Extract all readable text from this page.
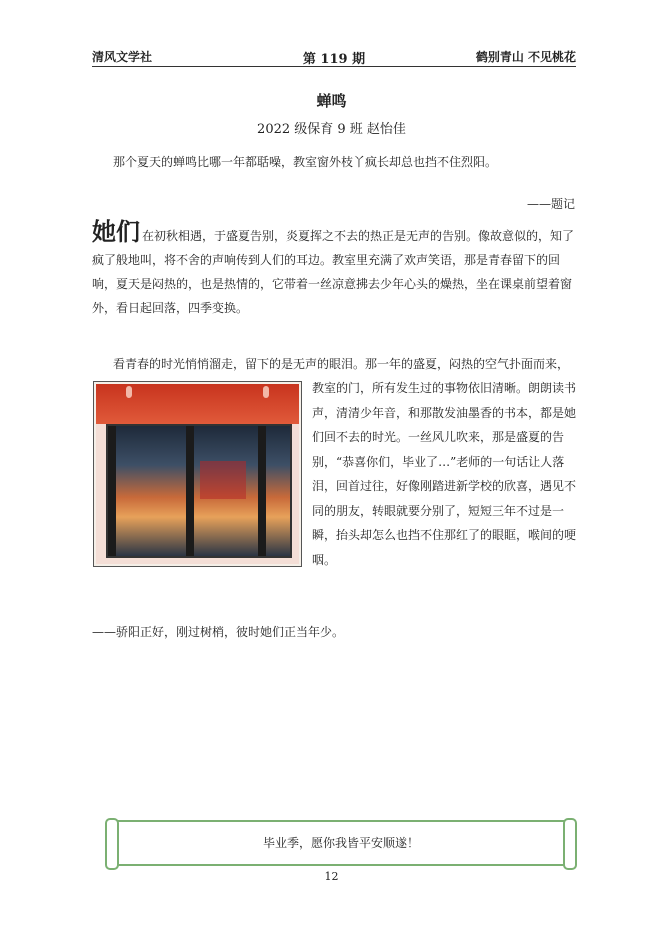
清风文学社	第 119 期	鹤别青山 不见桃花
蝉鸣
2022 级保育 9 班 赵怡佳
那个夏天的蝉鸣比哪一年都聒噪，教室窗外枝丫疯长却总也挡不住烈阳。
——题记
她们 在初秋相遇，于盛夏告别，炎夏挥之不去的热正是无声的告别。像故意似的，知了疯了般地叫，将不舍的声响传到人们的耳边。教室里充满了欢声笑语，那是青春留下的回响，夏天是闷热的，也是热情的，它带着一丝凉意拂去少年心头的燥热，坐在课桌前望着窗外，看日起回落，四季变换。
看青春的时光悄悄溜走，留下的是无声的眼泪。那一年的盛夏，闷热的空气扑面而来，
教室的门，所有发生过的事物依旧清晰。朗朗读书声，清清少年音，和那散发油墨香的书本，都是她们回不去的时光。一丝风儿吹来，那是盛夏的告别，“恭喜你们，毕业了…”老师的一句话让人落泪，回首过往，好像刚踏进新学校的欣喜，遇见不同的朋友，转眼就要分别了，短短三年不过是一瞬，抬头却怎么也挡不住那红了的眼眶，喉间的哽咽。
——骄阳正好，刚过树梢，彼时她们正当年少。
毕业季，愿你我皆平安顺遂！
12
